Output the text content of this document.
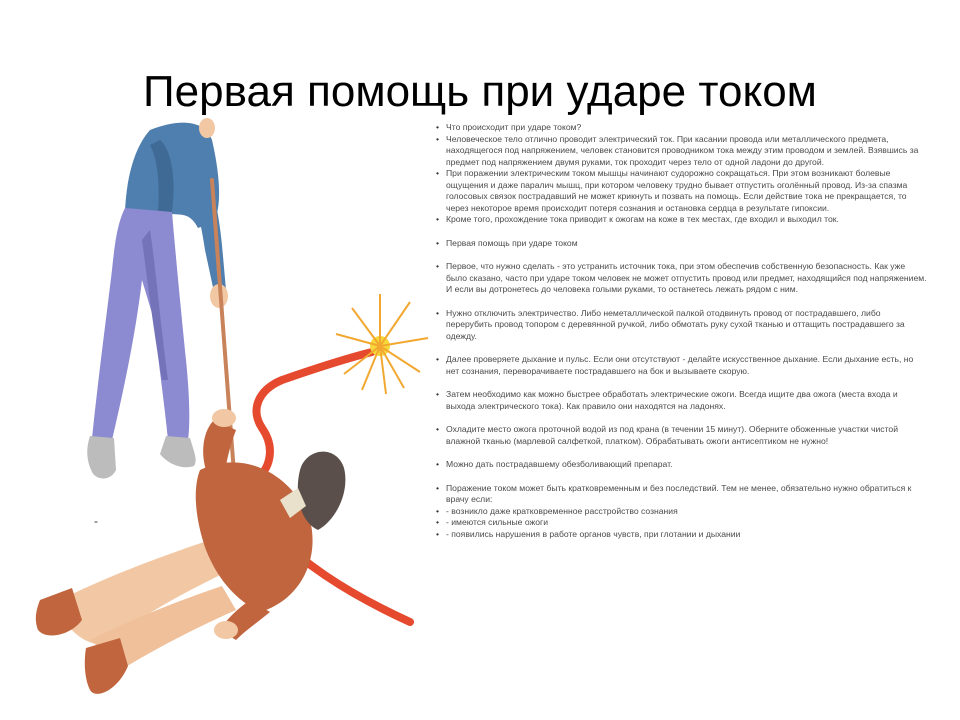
Первая помощь при ударе током
-
• Что происходит при ударе током?
• Человеческое тело отлично проводит электрический ток. При касании провода или металлического предмета, находящегося под напряжением, человек становится проводником тока между этим проводом и землей. Взявшись за предмет под напряжением двумя руками, ток проходит через тело от одной ладони до другой.
• При поражении электрическим током мышцы начинают судорожно сокращаться. При этом возникают болевые ощущения и даже паралич мышц, при котором человеку трудно бывает отпустить оголённый провод. Из-за спазма голосовых связок пострадавший не может крикнуть и позвать на помощь. Если действие тока не прекращается, то через некоторое время происходит потеря сознания и остановка сердца в результате гипоксии.
• Кроме того, прохождение тока приводит к ожогам на коже в тех местах, где входил и выходил ток.
• Первая помощь при ударе током
• Первое, что нужно сделать - это устранить источник тока, при этом обеспечив собственную безопасность. Как уже было сказано, часто при ударе током человек не может отпустить провод или предмет, находящийся под напряжением. И если вы дотронетесь до человека голыми руками, то останетесь лежать рядом с ним.
• Нужно отключить электричество. Либо неметаллической палкой отодвинуть провод от пострадавшего, либо перерубить провод топором с деревянной ручкой, либо обмотать руку сухой тканью и оттащить пострадавшего за одежду.
• Далее проверяете дыхание и пульс. Если они отсутствуют - делайте искусственное дыхание. Если дыхание есть, но нет сознания, переворачиваете пострадавшего на бок и вызываете скорую.
• Затем необходимо как можно быстрее обработать электрические ожоги. Всегда ищите два ожога (места входа и выхода электрического тока). Как правило они находятся на ладонях.
• Охладите место ожога проточной водой из под крана (в течении 15 минут). Оберните обоженные участки чистой влажной тканью (марлевой салфеткой, платком). Обрабатывать ожоги антисептиком не нужно!
• Можно дать пострадавшему обезболивающий препарат.
• Поражение током может быть кратковременным и без последствий. Тем не менее, обязательно нужно обратиться к врачу если:
• - возникло даже кратковременное расстройство сознания
• - имеются сильные ожоги
• - появились нарушения в работе органов чувств, при глотании и дыхании
